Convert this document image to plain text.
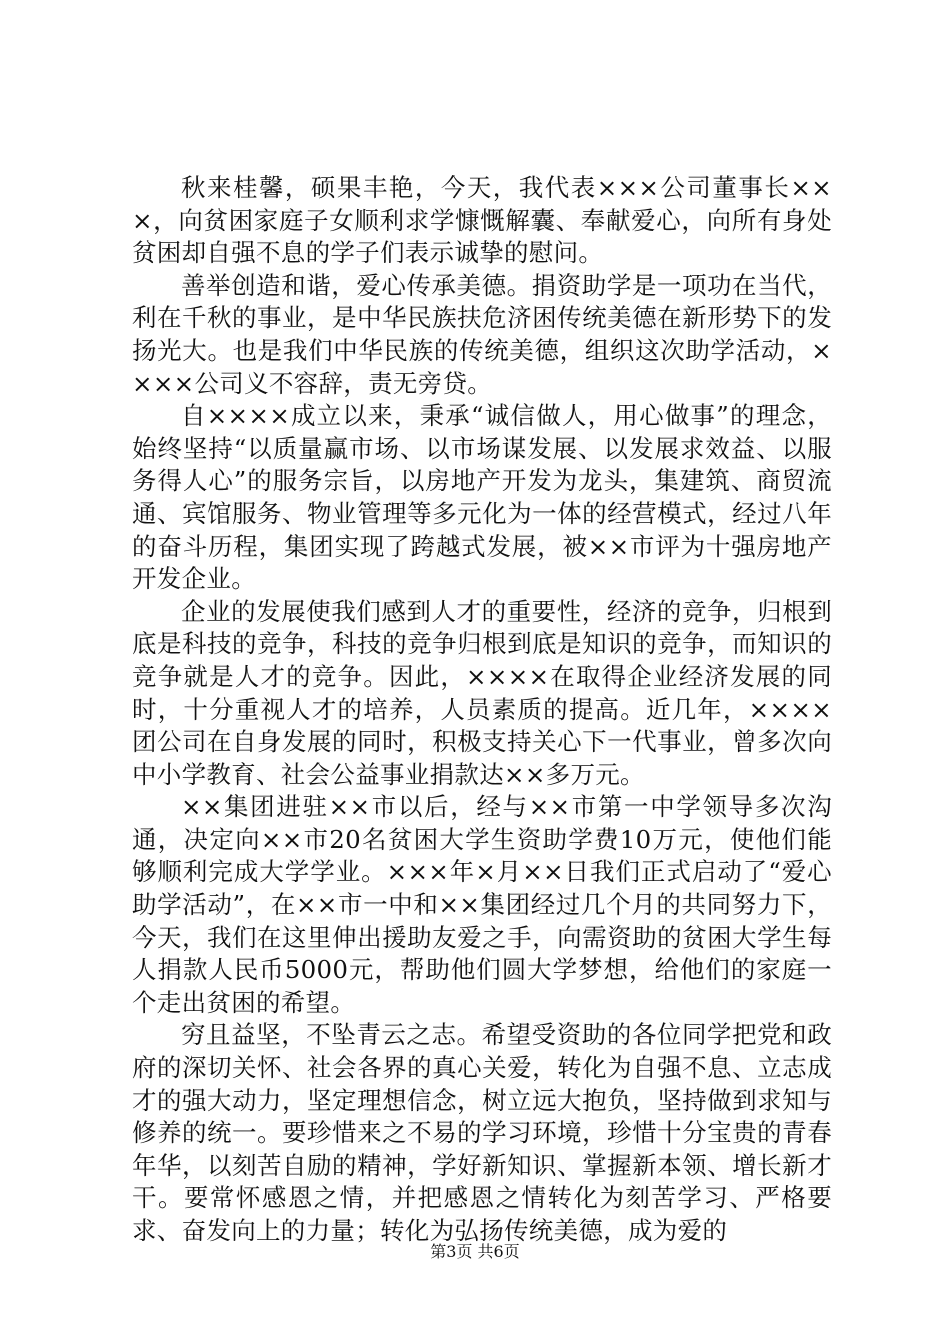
秋来桂馨，硕果丰艳，今天，我代表×××公司董事长×××，向贫困家庭子女顺利求学慷慨解囊、奉献爱心，向所有身处贫困却自强不息的学子们表示诚挚的慰问。

善举创造和谐，爱心传承美德。捐资助学是一项功在当代，利在千秋的事业，是中华民族扶危济困传统美德在新形势下的发扬光大。也是我们中华民族的传统美德，组织这次助学活动，××××公司义不容辞，责无旁贷。

自××××成立以来，秉承“诚信做人，用心做事”的理念，始终坚持“以质量赢市场、以市场谋发展、以发展求效益、以服务得人心”的服务宗旨，以房地产开发为龙头，集建筑、商贸流通、宾馆服务、物业管理等多元化为一体的经营模式，经过八年的奋斗历程，集团实现了跨越式发展，被××市评为十强房地产开发企业。

企业的发展使我们感到人才的重要性，经济的竞争，归根到底是科技的竞争，科技的竞争归根到底是知识的竞争，而知识的竞争就是人才的竞争。因此，××××在取得企业经济发展的同时，十分重视人才的培养，人员素质的提高。近几年，××××团公司在自身发展的同时，积极支持关心下一代事业，曾多次向中小学教育、社会公益事业捐款达××多万元。

××集团进驻××市以后，经与××市第一中学领导多次沟通，决定向××市20名贫困大学生资助学费10万元，使他们能够顺利完成大学学业。×××年×月××日我们正式启动了“爱心助学活动”，在××市一中和××集团经过几个月的共同努力下，今天，我们在这里伸出援助友爱之手，向需资助的贫困大学生每人捐款人民币5000元，帮助他们圆大学梦想，给他们的家庭一个走出贫困的希望。

穷且益坚，不坠青云之志。希望受资助的各位同学把党和政府的深切关怀、社会各界的真心关爱，转化为自强不息、立志成才的强大动力，坚定理想信念，树立远大抱负，坚持做到求知与修养的统一。要珍惜来之不易的学习环境，珍惜十分宝贵的青春年华，以刻苦自励的精神，学好新知识、掌握新本领、增长新才干。要常怀感恩之情，并把感恩之情转化为刻苦学习、严格要求、奋发向上的力量；转化为弘扬传统美德，成为爱的

第3页 共6页
